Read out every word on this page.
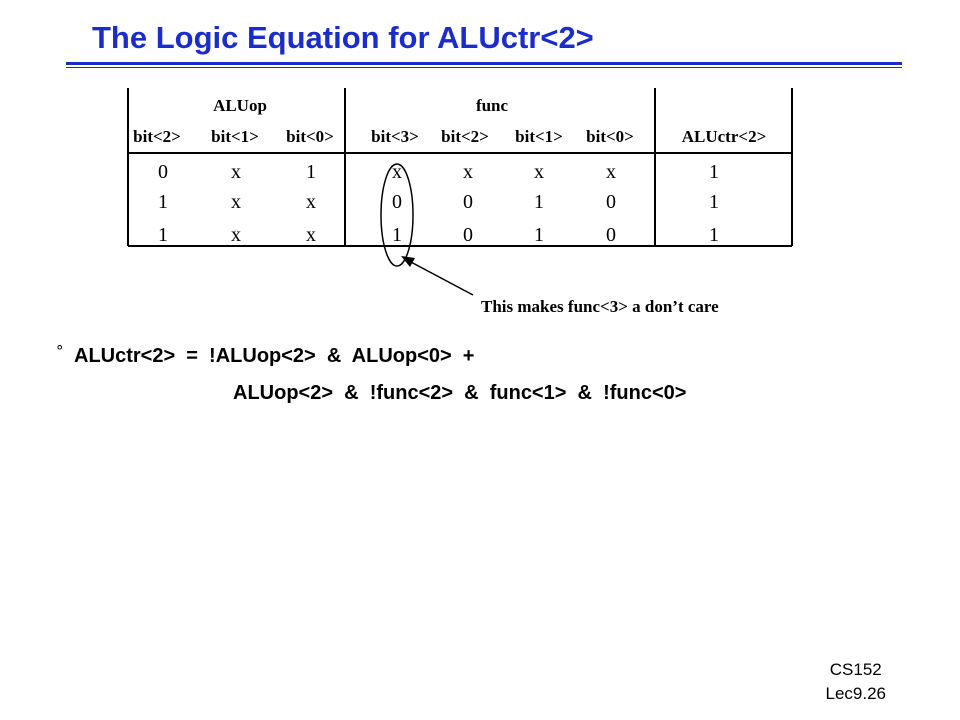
The Logic Equation for ALUctr<2>
ALUop	func
bit<2> bit<1> bit<0> bit<3> bit<2> bit<1> bit<0>	ALUctr<2>
0	x	1	x	x	x	x	1
1	x	x	0	0	1	0	1
1	x	x	1	0	1	0	1
This makes func<3> a don’t care

°

ALUctr<2>  =  !ALUop<2>  &  ALUop<0>  +

ALUop<2>  &  !func<2>  &  func<1>  &  !func<0>

CS152
Lec9.26
